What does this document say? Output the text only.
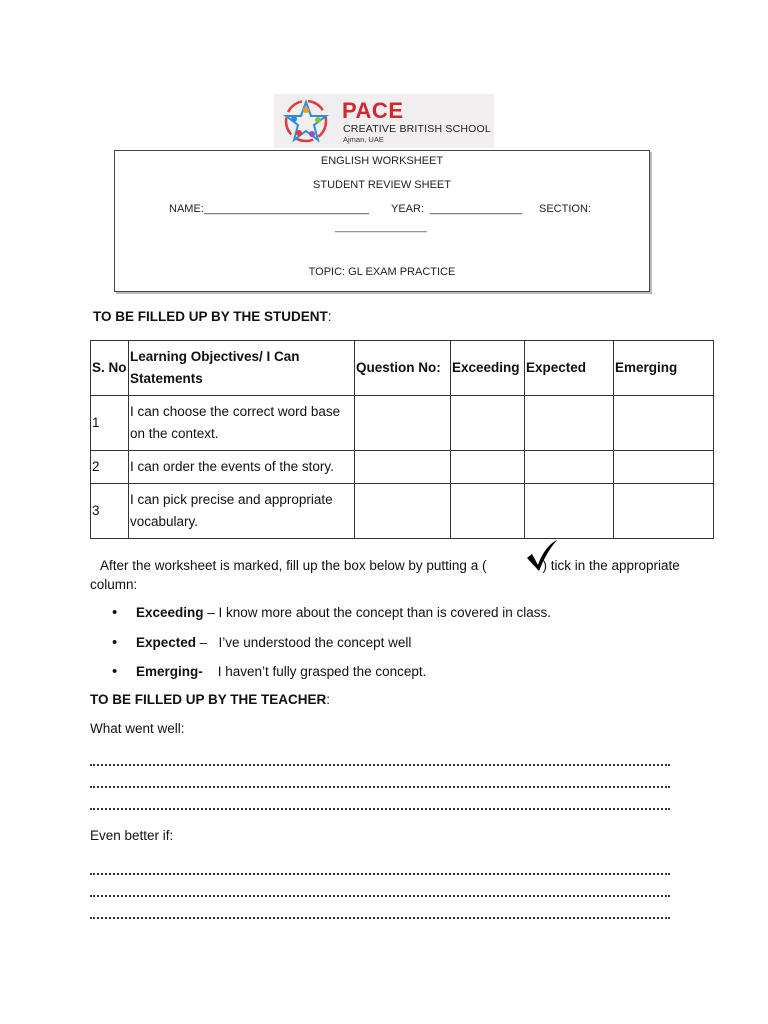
PACE
CREATIVE BRITISH SCHOOL
Ajman, UAE
ENGLISH WORKSHEET
STUDENT REVIEW SHEET
NAME:___________________________ YEAR:  _______________ SECTION:
_______________
TOPIC: GL EXAM PRACTICE
TO BE FILLED UP BY THE STUDENT:
S. No	Learning Objectives/ I Can Statements	Question No:	Exceeding	Expected	Emerging
1	I can choose the correct word base on the context.				
2	I can order the events of the story.				
3	I can pick precise and appropriate vocabulary.				
After the worksheet is marked, fill up the box below by putting a (	) tick in the appropriate column:
• Exceeding – I know more about the concept than is covered in class.
• Expected –   I’ve understood the concept well
• Emerging-    I haven’t fully grasped the concept.
TO BE FILLED UP BY THE TEACHER:
What went well:
Even better if:
